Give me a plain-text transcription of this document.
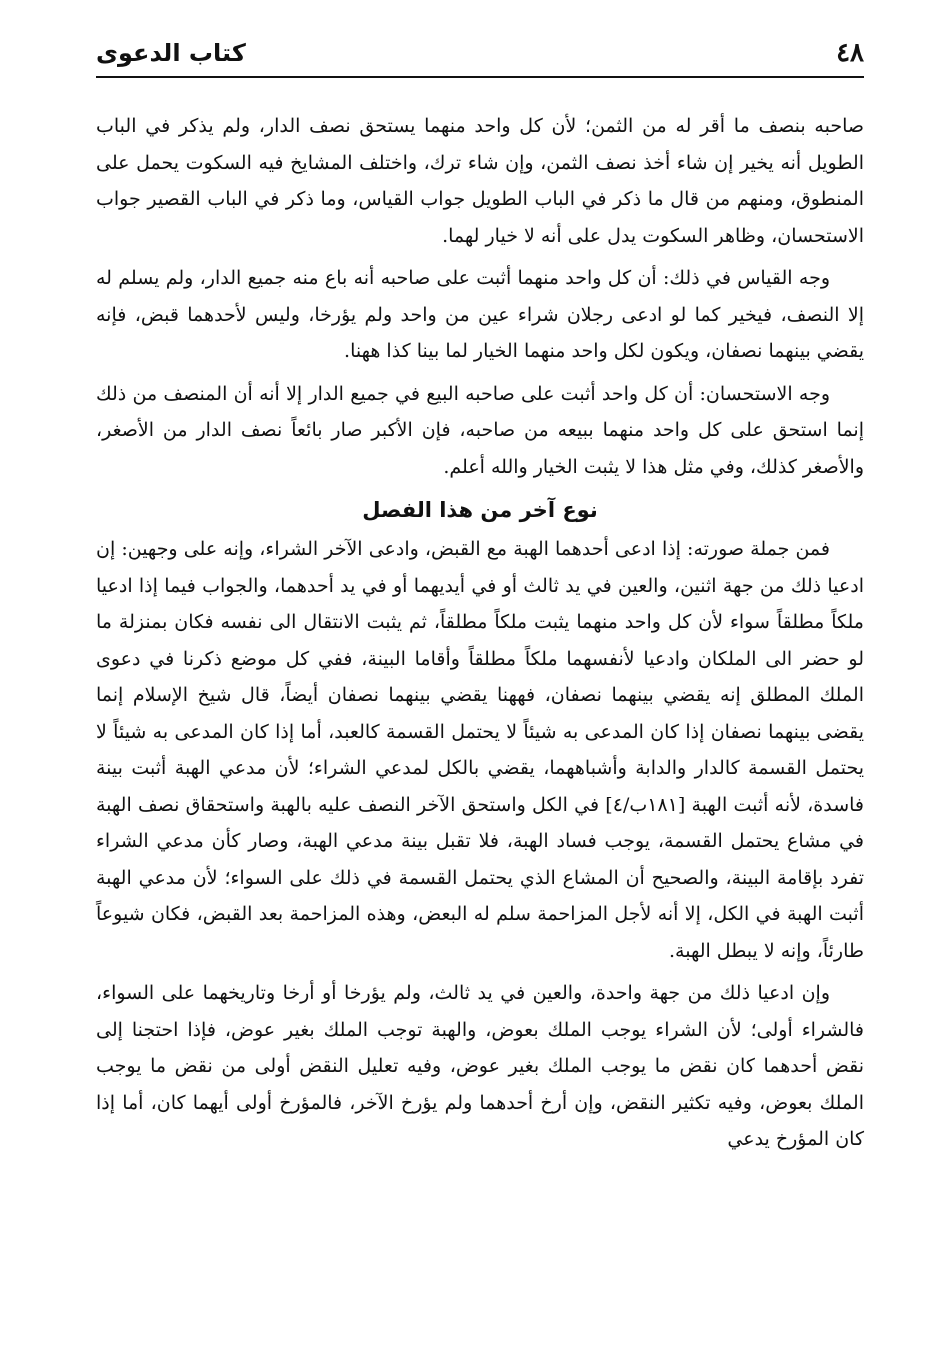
٤٨
كتاب الدعوى

صاحبه بنصف ما أقر له من الثمن؛ لأن كل واحد منهما يستحق نصف الدار، ولم يذكر في الباب الطويل أنه يخير إن شاء أخذ نصف الثمن، وإن شاء ترك، واختلف المشايخ فيه السكوت يحمل على المنطوق، ومنهم من قال ما ذكر في الباب الطويل جواب القياس، وما ذكر في الباب القصير جواب الاستحسان، وظاهر السكوت يدل على أنه لا خيار لهما.

وجه القياس في ذلك: أن كل واحد منهما أثبت على صاحبه أنه باع منه جميع الدار، ولم يسلم له إلا النصف، فيخير كما لو ادعى رجلان شراء عين من واحد ولم يؤرخا، وليس لأحدهما قبض، فإنه يقضي بينهما نصفان، ويكون لكل واحد منهما الخيار لما بينا كذا ههنا.

وجه الاستحسان: أن كل واحد أثبت على صاحبه البيع في جميع الدار إلا أنه أن المنصف من ذلك إنما استحق على كل واحد منهما ببيعه من صاحبه، فإن الأكبر صار بائعاً نصف الدار من الأصغر، والأصغر كذلك، وفي مثل هذا لا يثبت الخيار والله أعلم.

نوع آخر من هذا الفصل

فمن جملة صورته: إذا ادعى أحدهما الهبة مع القبض، وادعى الآخر الشراء، وإنه على وجهين: إن ادعيا ذلك من جهة اثنين، والعين في يد ثالث أو في أيديهما أو في يد أحدهما، والجواب فيما إذا ادعيا ملكاً مطلقاً سواء لأن كل واحد منهما يثبت ملكاً مطلقاً، ثم يثبت الانتقال الى نفسه فكان بمنزلة ما لو حضر الى الملكان وادعيا لأنفسهما ملكاً مطلقاً وأقاما البينة، ففي كل موضع ذكرنا في دعوى الملك المطلق إنه يقضي بينهما نصفان، فههنا يقضي بينهما نصفان أيضاً، قال شيخ الإسلام إنما يقضى بينهما نصفان إذا كان المدعى به شيئاً لا يحتمل القسمة كالعبد، أما إذا كان المدعى به شيئاً لا يحتمل القسمة كالدار والدابة وأشباههما، يقضي بالكل لمدعي الشراء؛ لأن مدعي الهبة أثبت بينة فاسدة، لأنه أثبت الهبة [١٨١ب/٤] في الكل واستحق الآخر النصف عليه بالهبة واستحقاق نصف الهبة في مشاع يحتمل القسمة، يوجب فساد الهبة، فلا تقبل بينة مدعي الهبة، وصار كأن مدعي الشراء تفرد بإقامة البينة، والصحيح أن المشاع الذي يحتمل القسمة في ذلك على السواء؛ لأن مدعي الهبة أثبت الهبة في الكل، إلا أنه لأجل المزاحمة سلم له البعض، وهذه المزاحمة بعد القبض، فكان شيوعاً طارئاً، وإنه لا يبطل الهبة.

وإن ادعيا ذلك من جهة واحدة، والعين في يد ثالث، ولم يؤرخا أو أرخا وتاريخهما على السواء، فالشراء أولى؛ لأن الشراء يوجب الملك بعوض، والهبة توجب الملك بغير عوض، فإذا احتجنا إلى نقض أحدهما كان نقض ما يوجب الملك بغير عوض، وفيه تعليل النقض أولى من نقض ما يوجب الملك بعوض، وفيه تكثير النقض، وإن أرخ أحدهما ولم يؤرخ الآخر، فالمؤرخ أولى أيهما كان، أما إذا كان المؤرخ يدعي
